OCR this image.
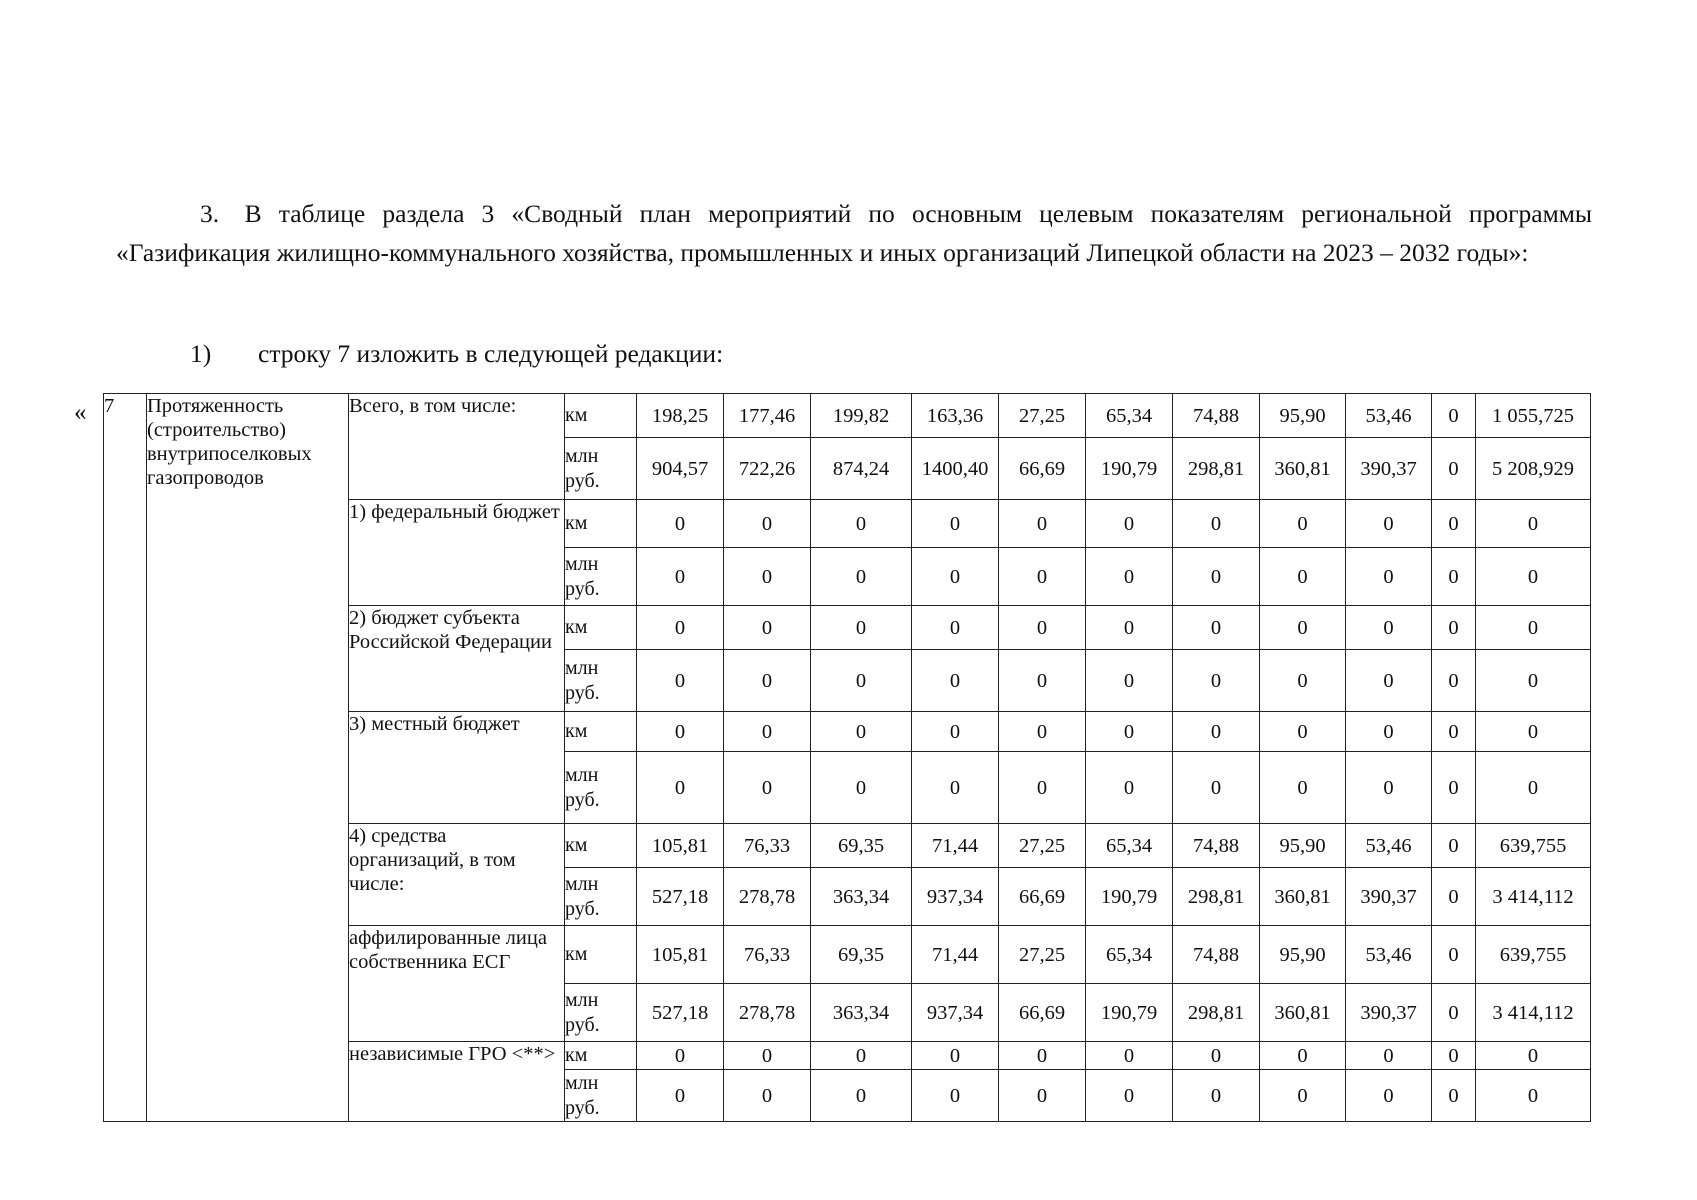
3. В таблице раздела 3 «Сводный план мероприятий по основным целевым показателям региональной программы «Газификация жилищно-коммунального хозяйства, промышленных и иных организаций Липецкой области на 2023 – 2032 годы»:

1) строку 7 изложить в следующей редакции:

« 7	Протяженность (строительство) внутрипоселковых газопроводов	Всего, в том числе:	км	198,25	177,46	199,82	163,36	27,25	65,34	74,88	95,90	53,46	0	1 055,725
			млн руб.	904,57	722,26	874,24	1400,40	66,69	190,79	298,81	360,81	390,37	0	5 208,929
		1) федеральный бюджет	км	0	0	0	0	0	0	0	0	0	0	0
			млн руб.	0	0	0	0	0	0	0	0	0	0	0
		2) бюджет субъекта Российской Федерации	км	0	0	0	0	0	0	0	0	0	0	0
			млн руб.	0	0	0	0	0	0	0	0	0	0	0
		3) местный бюджет	км	0	0	0	0	0	0	0	0	0	0	0
			млн руб.	0	0	0	0	0	0	0	0	0	0	0
		4) средства организаций, в том числе:	км	105,81	76,33	69,35	71,44	27,25	65,34	74,88	95,90	53,46	0	639,755
			млн руб.	527,18	278,78	363,34	937,34	66,69	190,79	298,81	360,81	390,37	0	3 414,112
		аффилированные лица собственника ЕСГ	км	105,81	76,33	69,35	71,44	27,25	65,34	74,88	95,90	53,46	0	639,755
			млн руб.	527,18	278,78	363,34	937,34	66,69	190,79	298,81	360,81	390,37	0	3 414,112
		независимые ГРО <**>	км	0	0	0	0	0	0	0	0	0	0	0
			млн руб.	0	0	0	0	0	0	0	0	0	0	0
